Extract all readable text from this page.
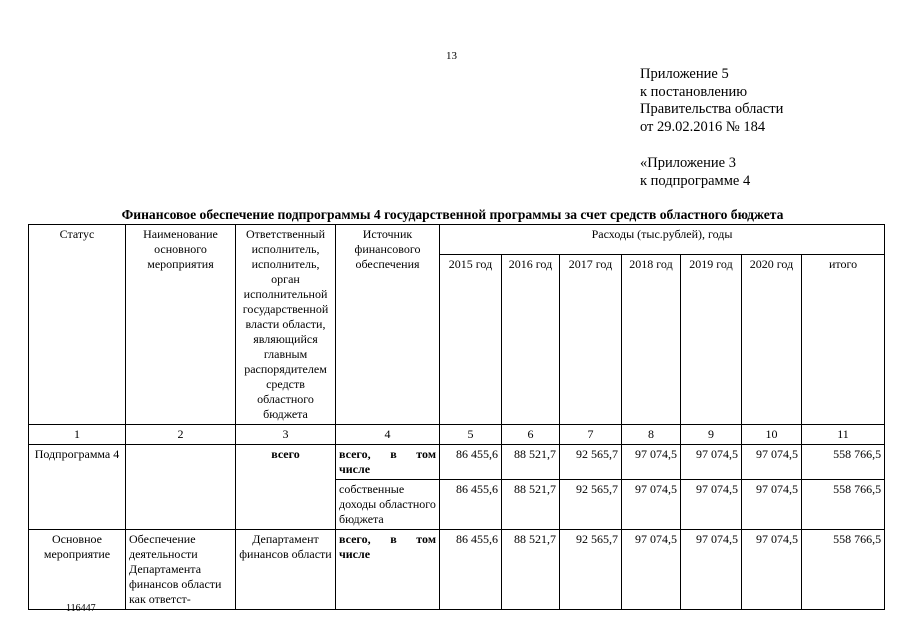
13
Приложение 5
к постановлению
Правительства области
от 29.02.2016 № 184
«Приложение 3
к подпрограмме 4
Финансовое обеспечение подпрограммы 4 государственной программы за счет средств областного бюджета
Статус	Наименование основного мероприятия	Ответственный исполнитель, исполнитель, орган исполнительной государственной власти области, являющийся главным распорядителем средств областного бюджета	Источник финансового обеспечения	Расходы (тыс.рублей), годы						
				2015 год	2016 год	2017 год	2018 год	2019 год	2020 год	итого
1	2	3	4	5	6	7	8	9	10	11
Подпрограмма 4		всего	всего, в том числе	86 455,6	88 521,7	92 565,7	97 074,5	97 074,5	97 074,5	558 766,5
			собственные доходы областного бюджета	86 455,6	88 521,7	92 565,7	97 074,5	97 074,5	97 074,5	558 766,5
Основное мероприятие	Обеспечение деятельности Департамента финансов области как ответст-	Департамент финансов области	всего, в том числе	86 455,6	88 521,7	92 565,7	97 074,5	97 074,5	97 074,5	558 766,5
116447
